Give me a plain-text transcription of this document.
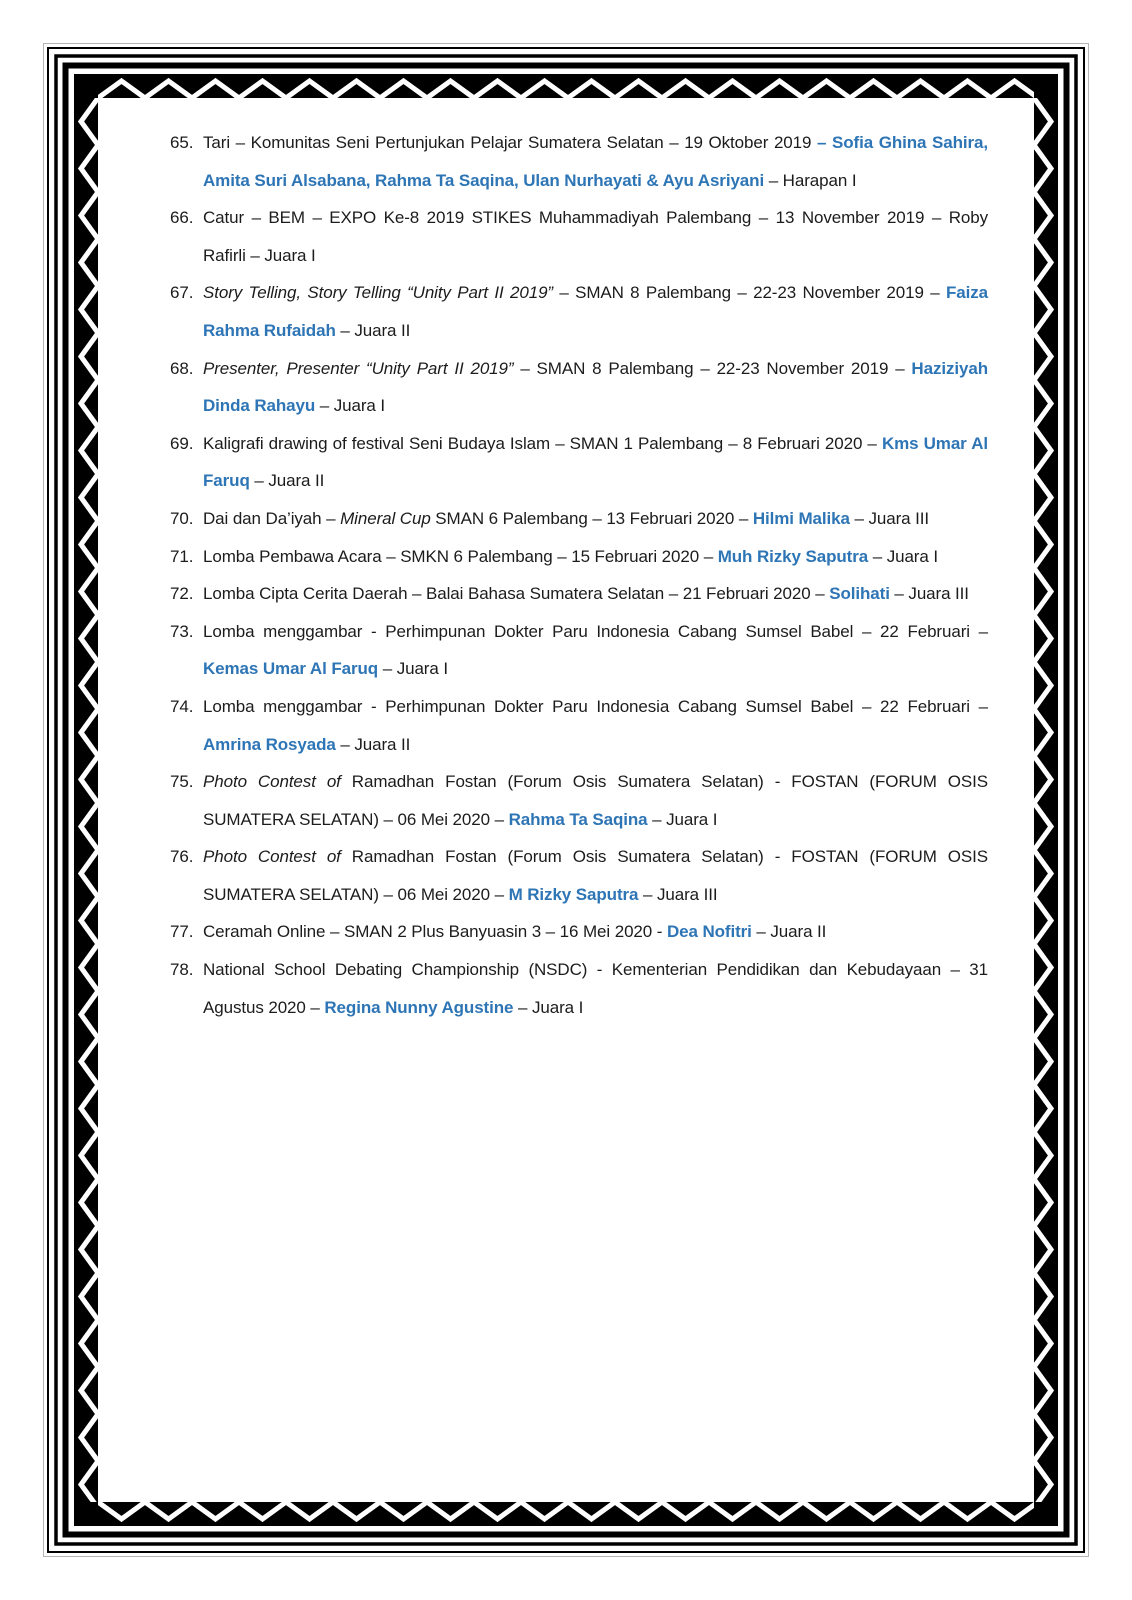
65. Tari – Komunitas Seni Pertunjukan Pelajar Sumatera Selatan – 19 Oktober 2019 – Sofia Ghina Sahira, Amita Suri Alsabana, Rahma Ta Saqina, Ulan Nurhayati & Ayu Asriyani – Harapan I
66. Catur – BEM – EXPO Ke-8 2019 STIKES Muhammadiyah Palembang – 13 November 2019 – Roby Rafirli – Juara I
67. Story Telling, Story Telling “Unity Part II 2019” – SMAN 8 Palembang – 22-23 November 2019 – Faiza Rahma Rufaidah – Juara II
68. Presenter, Presenter “Unity Part II 2019” – SMAN 8 Palembang – 22-23 November 2019 – Haziziyah Dinda Rahayu – Juara I
69. Kaligrafi drawing of festival Seni Budaya Islam – SMAN 1 Palembang – 8 Februari 2020 – Kms Umar Al Faruq – Juara II
70. Dai dan Da’iyah – Mineral Cup SMAN 6 Palembang – 13 Februari 2020 – Hilmi Malika – Juara III
71. Lomba Pembawa Acara – SMKN 6 Palembang – 15 Februari 2020 – Muh Rizky Saputra – Juara I
72. Lomba Cipta Cerita Daerah – Balai Bahasa Sumatera Selatan – 21 Februari 2020 – Solihati – Juara III
73. Lomba menggambar - Perhimpunan Dokter Paru Indonesia Cabang Sumsel Babel – 22 Februari – Kemas Umar Al Faruq – Juara I
74. Lomba menggambar - Perhimpunan Dokter Paru Indonesia Cabang Sumsel Babel – 22 Februari – Amrina Rosyada – Juara II
75. Photo Contest of Ramadhan Fostan (Forum Osis Sumatera Selatan) - FOSTAN (FORUM OSIS SUMATERA SELATAN) – 06 Mei 2020 – Rahma Ta Saqina – Juara I
76. Photo Contest of Ramadhan Fostan (Forum Osis Sumatera Selatan) - FOSTAN (FORUM OSIS SUMATERA SELATAN) – 06 Mei 2020 – M Rizky Saputra – Juara III
77. Ceramah Online – SMAN 2 Plus Banyuasin 3 – 16 Mei 2020 - Dea Nofitri – Juara II
78. National School Debating Championship (NSDC) - Kementerian Pendidikan dan Kebudayaan – 31 Agustus 2020 – Regina Nunny Agustine – Juara I
